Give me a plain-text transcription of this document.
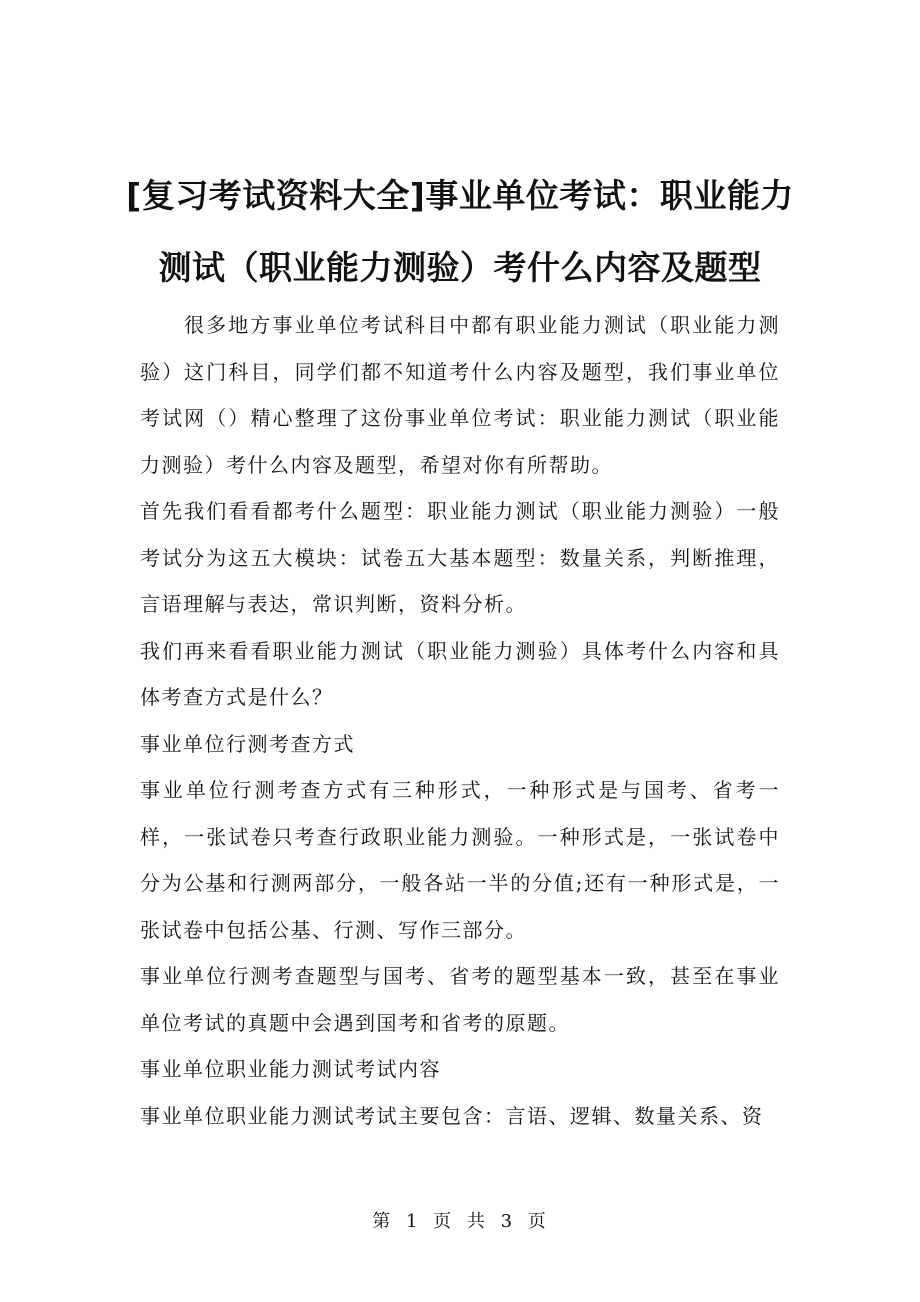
[复习考试资料大全]事业单位考试：职业能力测试（职业能力测验）考什么内容及题型

很多地方事业单位考试科目中都有职业能力测试（职业能力测验）这门科目，同学们都不知道考什么内容及题型，我们事业单位考试网（）精心整理了这份事业单位考试：职业能力测试（职业能力测验）考什么内容及题型，希望对你有所帮助。

首先我们看看都考什么题型：职业能力测试（职业能力测验）一般考试分为这五大模块：试卷五大基本题型：数量关系，判断推理，言语理解与表达，常识判断，资料分析。

我们再来看看职业能力测试（职业能力测验）具体考什么内容和具体考查方式是什么？

事业单位行测考查方式

事业单位行测考查方式有三种形式，一种形式是与国考、省考一样，一张试卷只考查行政职业能力测验。一种形式是，一张试卷中分为公基和行测两部分，一般各站一半的分值;还有一种形式是，一张试卷中包括公基、行测、写作三部分。

事业单位行测考查题型与国考、省考的题型基本一致，甚至在事业单位考试的真题中会遇到国考和省考的原题。

事业单位职业能力测试考试内容

事业单位职业能力测试考试主要包含：言语、逻辑、数量关系、资

第 1 页 共 3 页
